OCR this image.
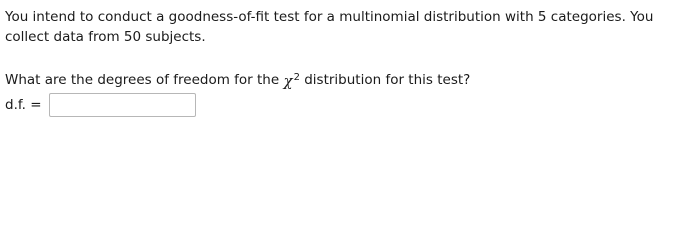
You intend to conduct a goodness-of-fit test for a multinomial distribution with 5 categories. You collect data from 50 subjects.

What are the degrees of freedom for the $\chi^2$ distribution for this test?

d.f. =
